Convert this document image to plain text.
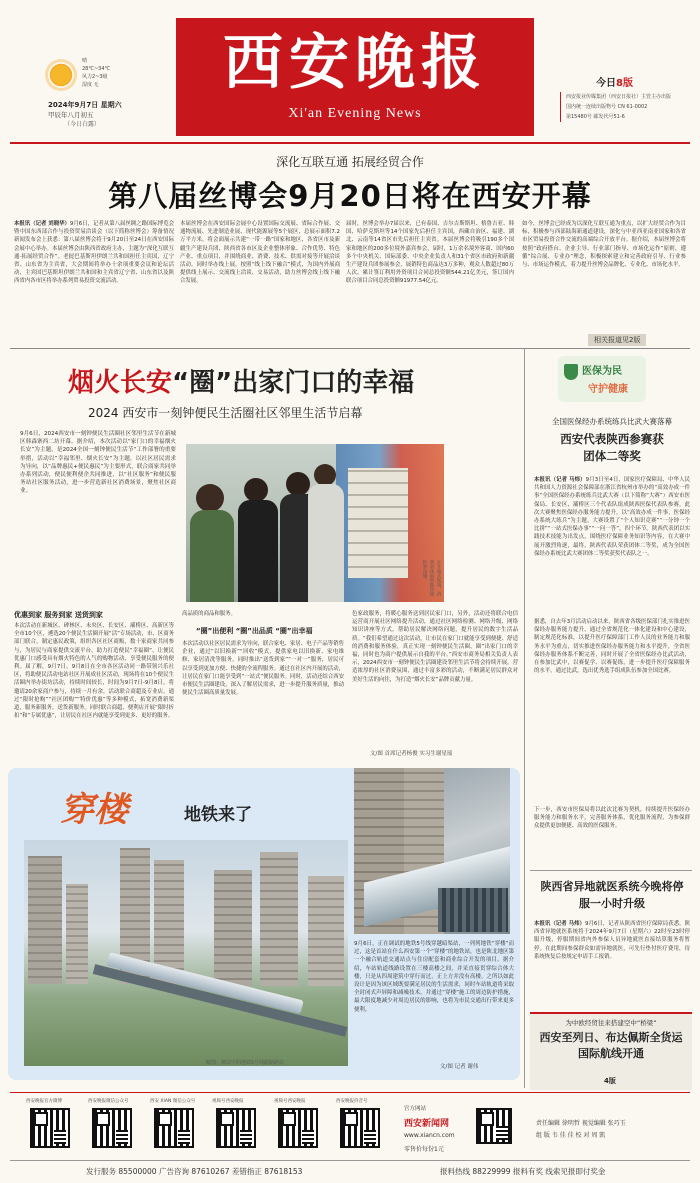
晴
28℃~34℃
风力2~3级
湿度 无
2024年9月7日 星期六
甲辰年八月初五
（今日白露）
西安晚报
Xi'an Evening News
今日8版
西安报业传媒集团（西安日报社）主管主办出版
国内统一连续出版物号 CN 61-0002
第15480号 邮发代号51-6
深化互联互通 拓展经贸合作
第八届丝博会9月20日将在西安开幕
本报讯（记者 刘晓华）9月6日，记者从第八届丝绸之路国际博览会暨中国东西部合作与投资贸易洽谈会（以下简称丝博会）筹备情况新闻发布会上获悉：第八届丝博会将于9月20日至24日在西安国际会展中心举办。本届丝博会由陕西省政府主办，主题为“深化互联互通·拓展经贸合作”。老挝巴基斯坦伊朗兰共和国担任主宾国，辽宁省、山东省为主宾省，大会期间将举办十余项重要会议和论坛活动，主宾国巴基斯坦伊朗兰共和国和主宾省辽宁省、山东省以及陕西省内各市区将举办系列贸易投资交流活动。
本届丝博会在西安国际会展中心设置国际交流展、省际合作展、交通物流展、先进制造业展、现代能源展等5个展区，总展示面积7.2万平方米。将会面展示共建“一带一路”国家和地区、各省区市及新疆生产建设兵团、陕西省各市区及企业整体形象、合作优势、特色产业、重点项目，并围绕商业、消费、技术、供需对接等开展洽谈活动。同时举办线上展，按照“线上线下融合”模式，为国内外展商提供线上展示、交流线上洽谈、交易活动，助力丝博会线上线下融合发展。
届时，丝博会举办7届以来，已有泰国、吉尔吉斯斯坦、格鲁吉亚、韩国、哈萨克斯坦等14个国家先后担任主宾国，西藏自治区、福建、湖北、云南等14省区市先后担任主宾省。本届丝博会将吸引190多个国家和地区的200多位境外嘉宾参会，届时，1万余名境外客商、国内60多个中央机关、国际部委、中央企业负责人和31个省区市政府和新疆生产建设兵团参展参会，展销特色商品达3万多种，观众人数超过80万人次。累计签订利用外资项目合同总投资额544.21亿美元，签订国内联合项目合同总投资额91977.54亿元。
如今，丝博会已经成为以深化互联互通为重点，以扩大经贸合作为目标，积极参与西部陆海新通道建设，深化与中亚西亚南亚国家和各省市区贸易投资合作交流的高端综合开放平台。据介绍，本届丝博会将按照“政府搭台、企业主导、行业部门指导、市场化运作”原则，遵循“综合展、专业办”理念，积极探索建立和完善政府引导、行业参与、市场运作模式，着力提升丝博会品牌化、专业化、市场化水平。
相关报道见2版
烟火长安“圈”出家门口的幸福
2024 西安市一刻钟便民生活圈社区邻里生活节启幕
9月6日，2024西安市一刻钟便民生活圈社区邻里生活节在新城区韩森寨西二坊开幕。据介绍，本次活动以“家门口的幸福烟火长安”为主题，是2024全国一刻钟便民生活节“工作部署的重要举措，活动以“幸福邻里、烟火长安”为主题，以社区居民需求为导向，以“品牌惠民+便民惠民”为主要形式，联合商家共同举办系列活动，便民便利便企共同推进，以“社区服务”和便民服务站社区服务活动，进一步营造新社区消费场景，聚焦社区商业。
在开幕式现场，消费者体验智能快递柜等设施。
优惠到家 服务到家 送货到家
本次活动在新城区、碑林区、未央区、长安区、灞桥区、高新区等全市10个区，遴选20个便民生活圈开展“活”专场活动，市、区商务部门联合，制定惠民政策，组织各区社区商贩，数十家商家共同参与，为居民与商家提供交流平台，助力打造便民“幸福圈”，让便民优惠门口感受具有烟火特色的人气的购物活动，享受便民服务的便利。届了解，9月7日，9月8日在全市各区活动同一路带领兴乐社区，将助便民活动电站社区开展成社区活动，现场将在10个便民生活圈内举办街坊活动，持续时间较长，时间为9月7日-9月8日，将邀请20余家商户参与，持续一月有余。活动联合商超及专业店，通过“限时抢购”“社区团购”“特价优惠”等多种模式，拓宽消费新渠道，服务新服务，送货新服务。同时联合商超、便利店开展“限时折扣”和“专属优惠”，让居民在社区内就能享受到更多、更好的服务。
高品质的商品和服务。
“圈”出便利 “圈”出品质 “圈”出幸福
本次活动以社区居民需求为导向，联合家电、家居、电子产品等销售企业，通过“以旧换新”“回收”模式，提供家电以旧换新、家电维修、家居清洗等服务，同时推出“送货到家”“一对一”服务，居民可以享受到更加方便、快捷的全流程服务。通过在社区内开展的活动，让居民在家门口能享受到“一站式”便民服务。同时，活动还结合西安市便民生活圈建设，深入了解居民需求，进一步提升服务质量，推动便民生活圈高质量发展。
色家政服务，将暖心服务送到居民家门口，另外，活动还将联合电信运营商开展社区网络提升活动，通过社区网络检测、网络升级、网络知识讲座等方式，帮助居民解决网络问题，提升居民的数字生活品质。“我们希望通过这次活动，让市民在家门口就能享受到便捷、舒适的消费和服务体验，真正实现一刻钟便民生活圈，圈”出家门口的幸福，同时也为商户提供展示自我的平台。”西安市商务局相关负责人表示，2024西安市一刻钟便民生活圈建设邻里生活节将会持续开展，营造浓厚的社区消费氛围，通过丰富多彩的活动，不断满足居民群众对美好生活的向往，为打造“烟火长安”品牌贡献力量。
文/图 首席记者杨俊 实习生谢星瑶
穿楼	地铁来了
鲸图：测试中的地铁5号线路路跨站
9月6日，正在调试的地铁5号线穿越暗渠站，一列列地铁“穿楼”而过，这是首站在什么西安第一个“穿楼”的地铁站，也是陕北地区第一个融合轨道交通站点与住房配套和商业综合开发的项目。据介绍，车站轨道线路设置在三楼高楼之间，并采直接贯穿综合体大楼，只是从四周建筑中穿行而过，正上方并没有高楼。之所以如此设计是因为该区域既要满足居民的生活需求，同时车站轨道将采取全封闭式声屏障和减噪技术，并通过“穿楼”施工的周边防护措施，最大限度地减少对周边居民的影响，也将为市民交通出行带来更多便利。
文/图 记者 谢伟
医保为民
守护健康
全国医保经办系统练兵比武大赛落幕
西安代表陕西参赛获团体二等奖
本报讯（记者 马炜）9月3日至4日，国家医疗保障局、中华人民共和国人力资源社会保障部在浙江省杭州市举办的“高效办成一件事”全国医保经办系统练兵比武大赛（以下简称“大赛”）西安市医保局、长安区、灞桥区三个代表队组成陕西医保代表队参赛。此次大赛聚焦医保经办服务能力提升，以“高效办成一件事，医保经办系统大练兵”为主题。大赛设置了“个人知识竞赛”“一分钟一个比拼”“一站式医保办事”“一问一答”，四个环节。陕西代表团以实践技术技能为出发点，围绕医疗保障业务知识等内容，在大赛中展开激烈角逐，最终，陕西代表队荣获团体二等奖，成为全国医保经办系统比武大赛团体二等奖获奖代表队之一。
据悉，自去年3月活动启动以来，陕西省各级医保部门扎实推进医保经办服务能力提升，通过全省规范化一体化建设和中心建设，制定规范化标准，以提升医疗保障部门工作人员的业务能力和服务水平为重点，切实推进医保经办服务能力和水平提升，全省医保经办服务体系不断完善，同时开展了全省医保经办比武活动，在参加比武中，以赛促学、以赛促练，进一步提升医疗保障服务的水平，通过比武，选出优秀选手组成队伍参加全国比赛。
下一步，西安市医保局将以此次比赛为契机，持续提升医保经办服务能力和服务水平，完善服务体系，优化服务流程，为参保群众提供更加便捷、高效的医保服务。
陕西省异地就医系统今晚将停服一小时升级
本报讯（记者 马炜）9月6日，记者从陕西省医疗保障局获悉，陕西省异地就医系统将于2024年9月7日（星期六）22时至23时停服升级，停服期间省内外参保人员异地就医直接结算服务将暂停。在此期间参保群众如需异地就医，可先行垫付医疗费用，待系统恢复后按规定申请手工报销。
为中欧经贸往来搭建空中“桥梁”
西安至列日、布达佩斯全货运国际航线开通
4版
西安晚报官方微博	西安晚报微信公众号	西安 XIAN 微信公众号	视频号西安晚报	视频号西安晚报	西安晚报抖音号
官方网站
西安新闻网
www.xiancn.com
零售价每份1元
责任编辑 徐明哲 视觉编辑 张巧玉
组 版 韦 佳 佳 校 对 周 凯
发行服务 85500000 广告咨询 87610267 差错指正 87618153	报料热线 88229999 报料有奖 线索见报即付奖金
